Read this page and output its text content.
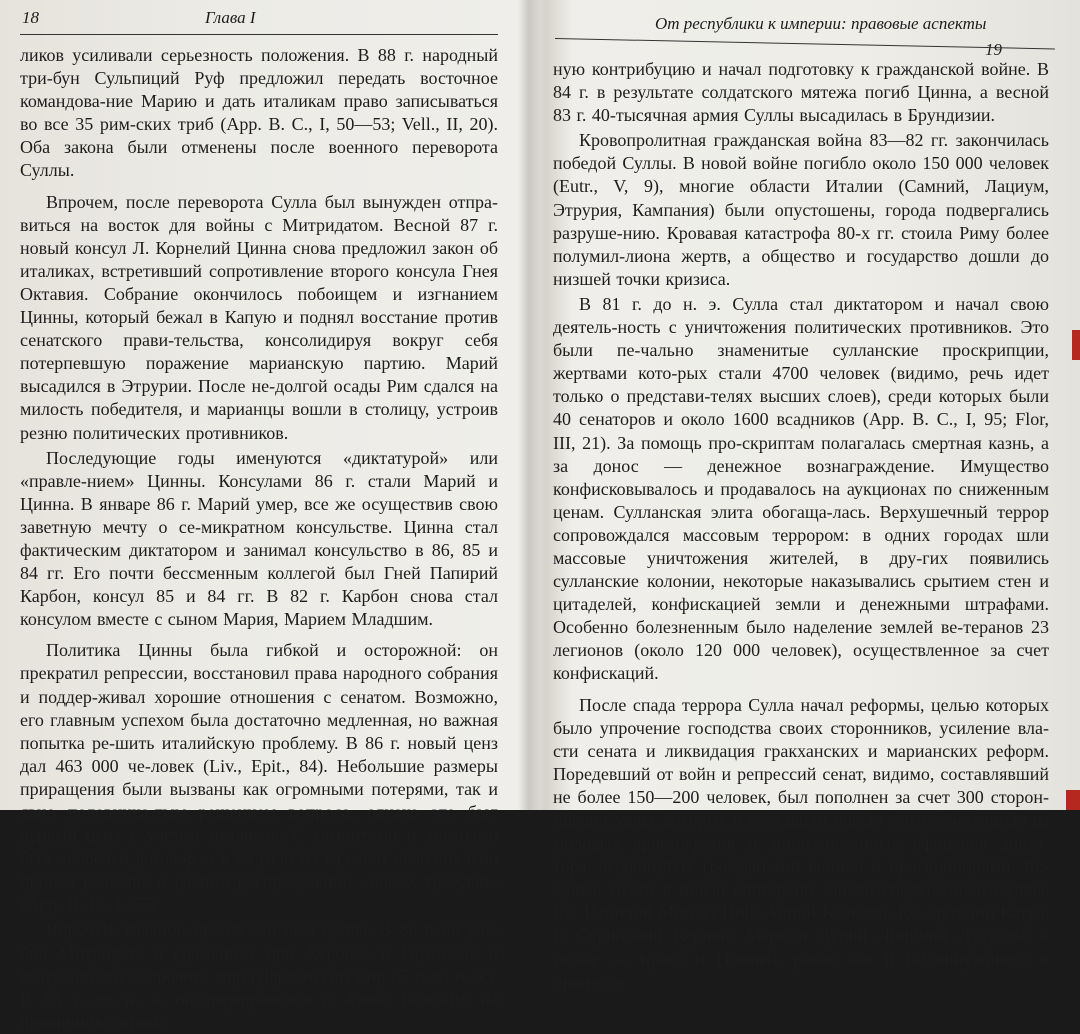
18	Глава I

ликов усиливали серьезность положения. В 88 г. народный три-бун Сульпиций Руф предложил передать восточное командова-ние Марию и дать италикам право записываться во все 35 рим-ских триб (App. B. C., I, 50—53; Vell., II, 20). Оба закона были отменены после военного переворота Суллы.

Впрочем, после переворота Сулла был вынужден отпра-виться на восток для войны с Митридатом. Весной 87 г. новый консул Л. Корнелий Цинна снова предложил закон об италиках, встретивший сопротивление второго консула Гнея Октавия. Собрание окончилось побоищем и изгнанием Цинны, который бежал в Капую и поднял восстание против сенатского прави-тельства, консолидируя вокруг себя потерпевшую поражение марианскую партию. Марий высадился в Этрурии. После не-долгой осады Рим сдался на милость победителя, и марианцы вошли в столицу, устроив резню политических противников.

Последующие годы именуются «диктатурой» или «правле-нием» Цинны. Консулами 86 г. стали Марий и Цинна. В январе 86 г. Марий умер, все же осуществив свою заветную мечту о се-микратном консульстве. Цинна стал фактическим диктатором и занимал консульство в 86, 85 и 84 гг. Его почти бессменным коллегой был Гней Папирий Карбон, консул 85 и 84 гг. В 82 г. Карбон снова стал консулом вместе с сыном Мария, Марием Младшим.

Политика Цинны была гибкой и осторожной: он прекратил репрессии, восстановил права народного собрания и поддер-живал хорошие отношения с сенатом. Возможно, его главным успехом была достаточно медленная, но важная попытка ре-шить италийскую проблему. В 86 г. новый ценз дал 463 000 че-ловек (Liv., Epit., 84). Небольшие размеры приращения были вызваны как огромными потерями, так и явно половинча-тым решением вопроса, однако это был первый ценз с учетом италиков. С самнитами и луканами был заключен договор, а в 84 (или 83 г.) сенат окончательно принял решение о равном распределении «новых граждан» (App. B. C., I, 77).

Впрочем, главной проблемой был Сулла. В 86 г. он раз-бил Митридата в сражениях при Херонее и Орхомене и выну-дил его заключить мир (Дарданский мир 85 г. до н. э.). В 85 г. до н. э. он переправился в Азию, наложил на провинцию огром-

От республики к империи: правовые аспекты
19

ную контрибуцию и начал подготовку к гражданской войне. В 84 г. в результате солдатского мятежа погиб Цинна, а весной 83 г. 40-тысячная армия Суллы высадилась в Брундизии.

Кровопролитная гражданская война 83—82 гг. закончилась победой Суллы. В новой войне погибло около 150 000 человек (Eutr., V, 9), многие области Италии (Самний, Лациум, Этрурия, Кампания) были опустошены, города подвергались разруше-нию. Кровавая катастрофа 80-х гг. стоила Риму более полумил-лиона жертв, а общество и государство дошли до низшей точки кризиса.

В 81 г. до н. э. Сулла стал диктатором и начал свою деятель-ность с уничтожения политических противников. Это были пе-чально знаменитые сулланские проскрипции, жертвами кото-рых стали 4700 человек (видимо, речь идет только о представи-телях высших слоев), среди которых были 40 сенаторов и около 1600 всадников (App. B. C., I, 95; Flor, III, 21). За помощь про-скриптам полагалась смертная казнь, а за донос — денежное вознаграждение. Имущество конфисковывалось и продавалось на аукционах по сниженным ценам. Сулланская элита обогаща-лась. Верхушечный террор сопровождался массовым террором: в одних городах шли массовые уничтожения жителей, в дру-гих появились сулланские колонии, некоторые наказывались срытием стен и цитаделей, конфискацией земли и денежными штрафами. Особенно болезненным было наделение землей ве-теранов 23 легионов (около 120 000 человек), осуществленное за счет конфискаций.

После спада террора Сулла начал реформы, целью которых было упрочение господства своих сторонников, усиление вла-сти сената и ликвидация гракханских и марианских реформ. Поредевший от войн и репрессий сенат, видимо, составлявший не более 150—200 человек, был пополнен за счет 300 сторон-ников Суллы, которые и составили новую элиту, состоящую из молодых аристократов и многочисленных офицеров дикта-тора, выдвинутых гражданской войной и проскрипциями. Ве-дущее место в новой олигархии заняли сподвижники Суллы, Кв. Цецилий Метелл Пий, Аппий Клавдий, Кв. Лутаций Катул, Г. Скрибоний Курион, Марк и Луций Лициний Лукуллы, а позже — Красс и Помпей, равно как и выдвинувшиеся в процессе
